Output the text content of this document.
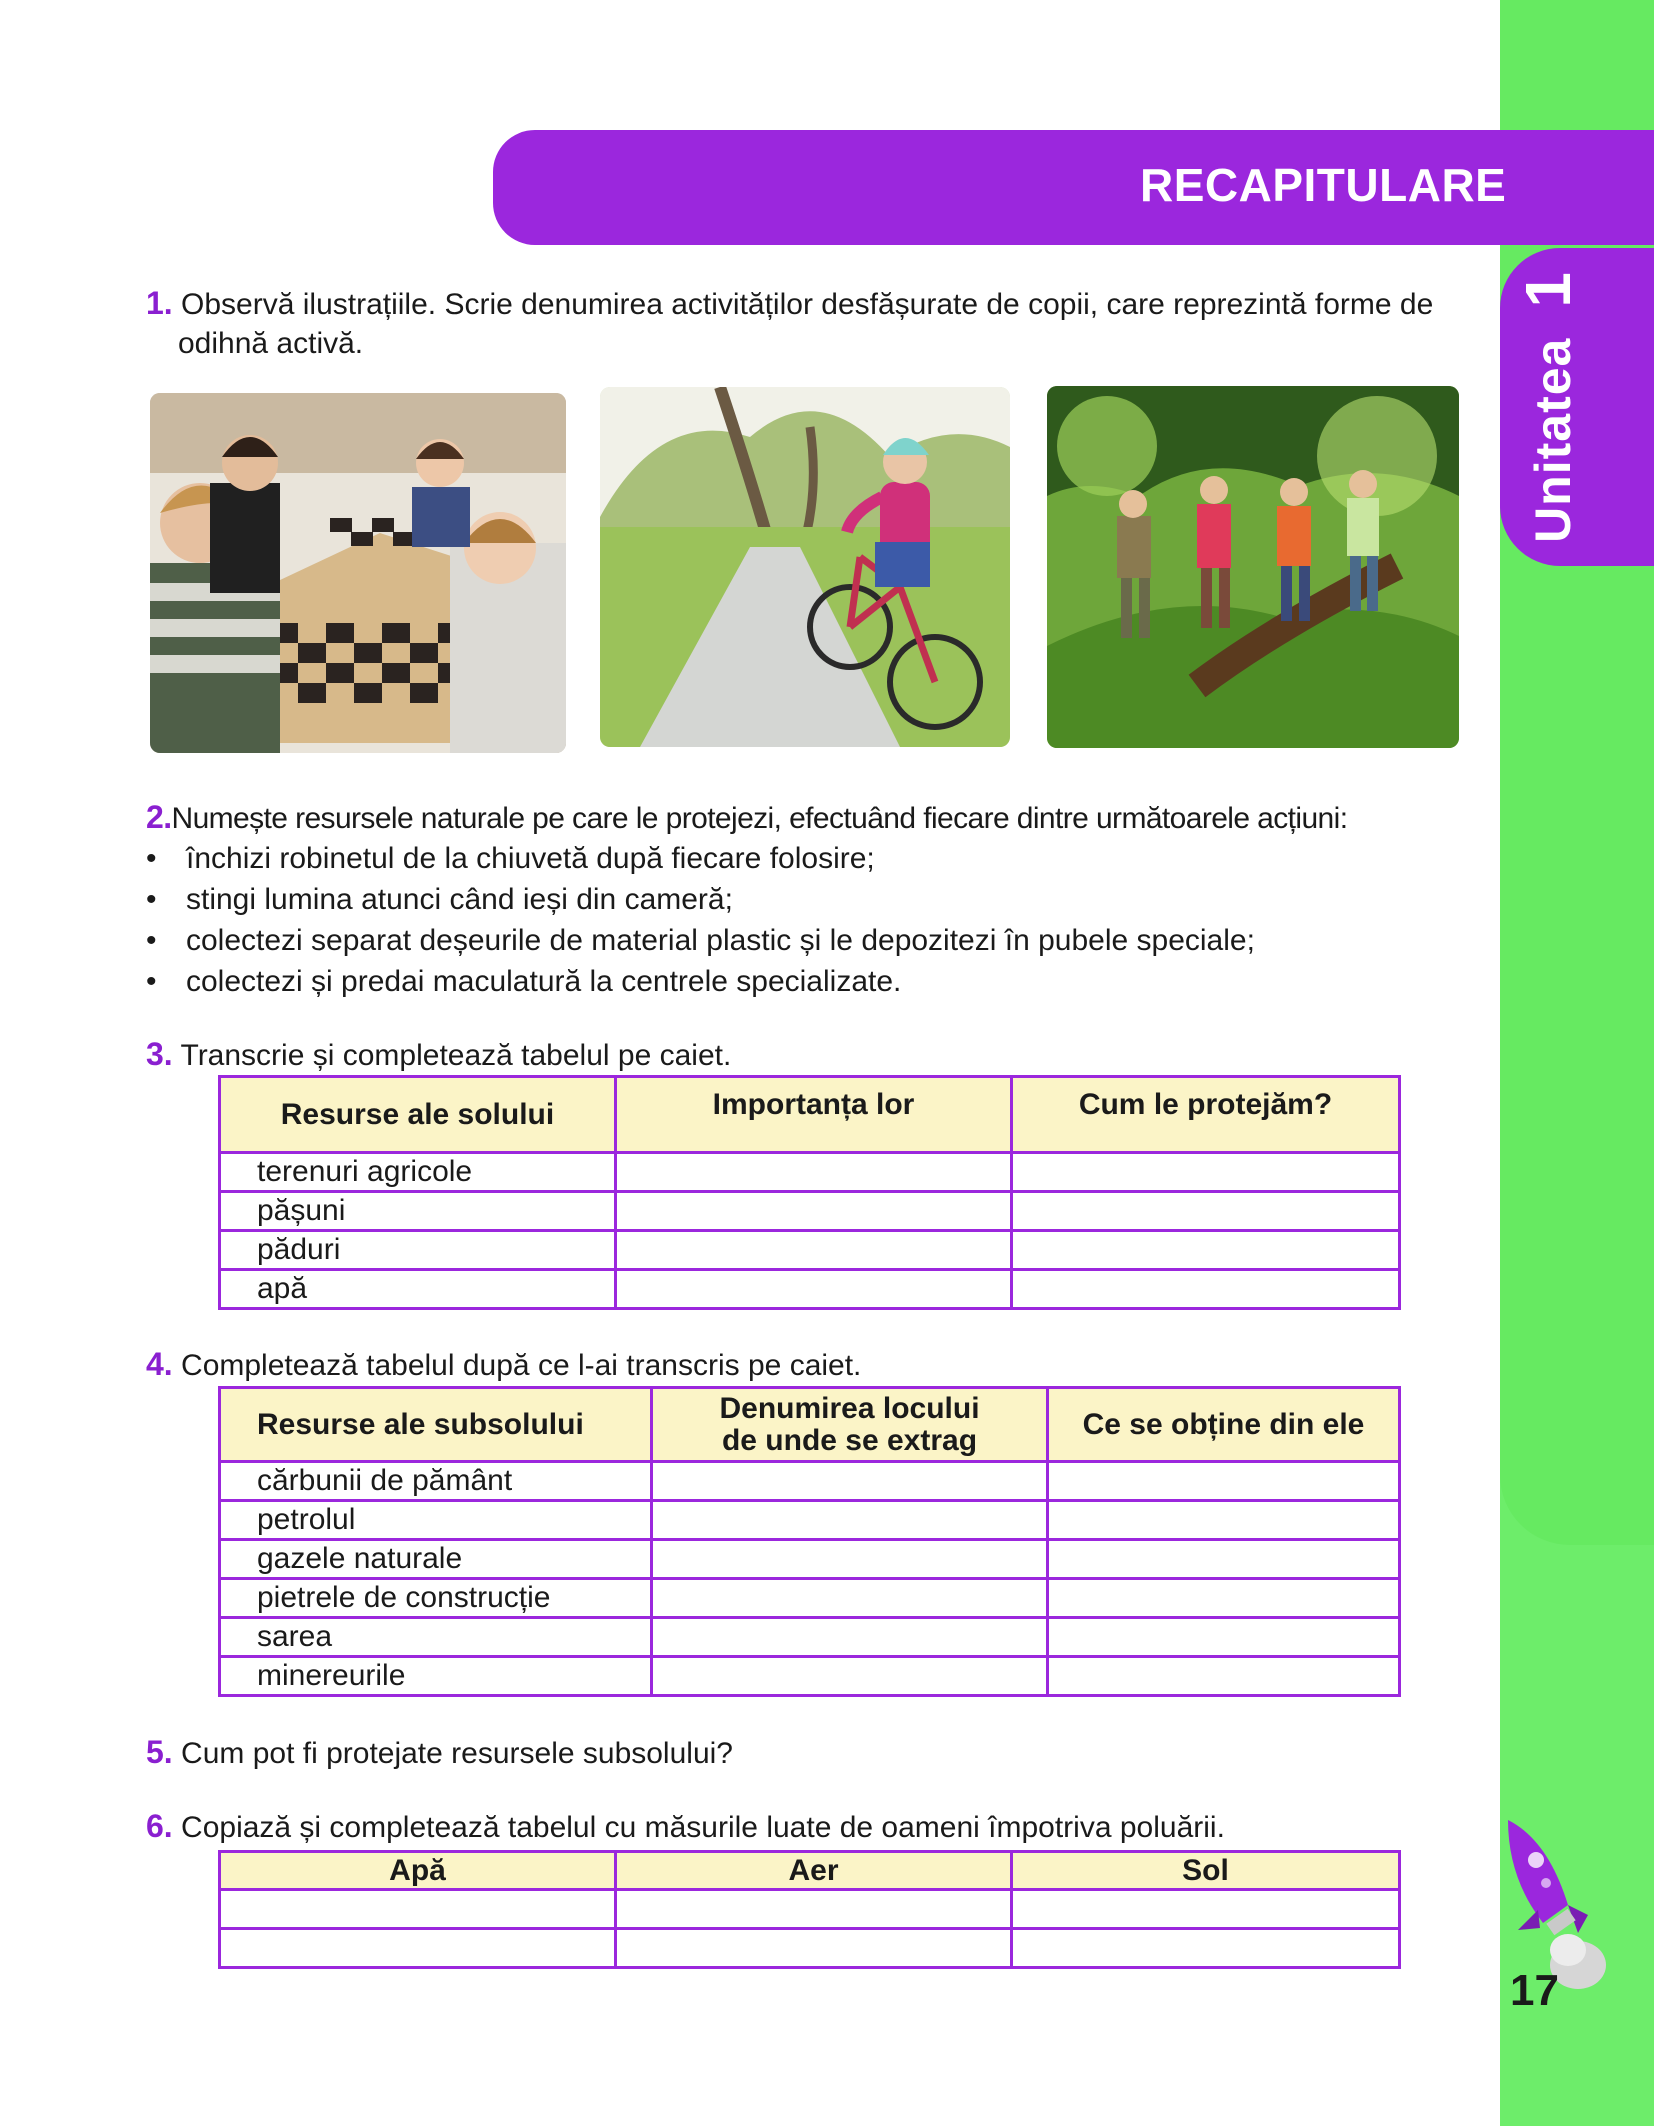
Unitatea1
RECAPITULARE
1. Observă ilustrațiile. Scrie denumirea activităților desfășurate de copii, care reprezintă forme de
odihnă activă.
2.Numește resursele naturale pe care le protejezi, efectuând fiecare dintre următoarele acțiuni:
• închizi robinetul de la chiuvetă după fiecare folosire;
• stingi lumina atunci când ieși din cameră;
• colectezi separat deșeurile de material plastic și le depozitezi în pubele speciale;
• colectezi și predai maculatură la centrele specializate.
3. Transcrie și completează tabelul pe caiet.
Resurse ale solului	Importanța lor	Cum le protejăm?
terenuri agricole		
pășuni		
păduri		
apă		
4. Completează tabelul după ce l-ai transcris pe caiet.
Resurse ale subsolului	Denumirea locului
de unde se extrag	Ce se obține din ele
cărbunii de pământ		
petrolul		
gazele naturale		
pietrele de construcție		
sarea		
minereurile		
5. Cum pot fi protejate resursele subsolului?
6. Copiază și completează tabelul cu măsurile luate de oameni împotriva poluării.
Apă	Aer	Sol

17
